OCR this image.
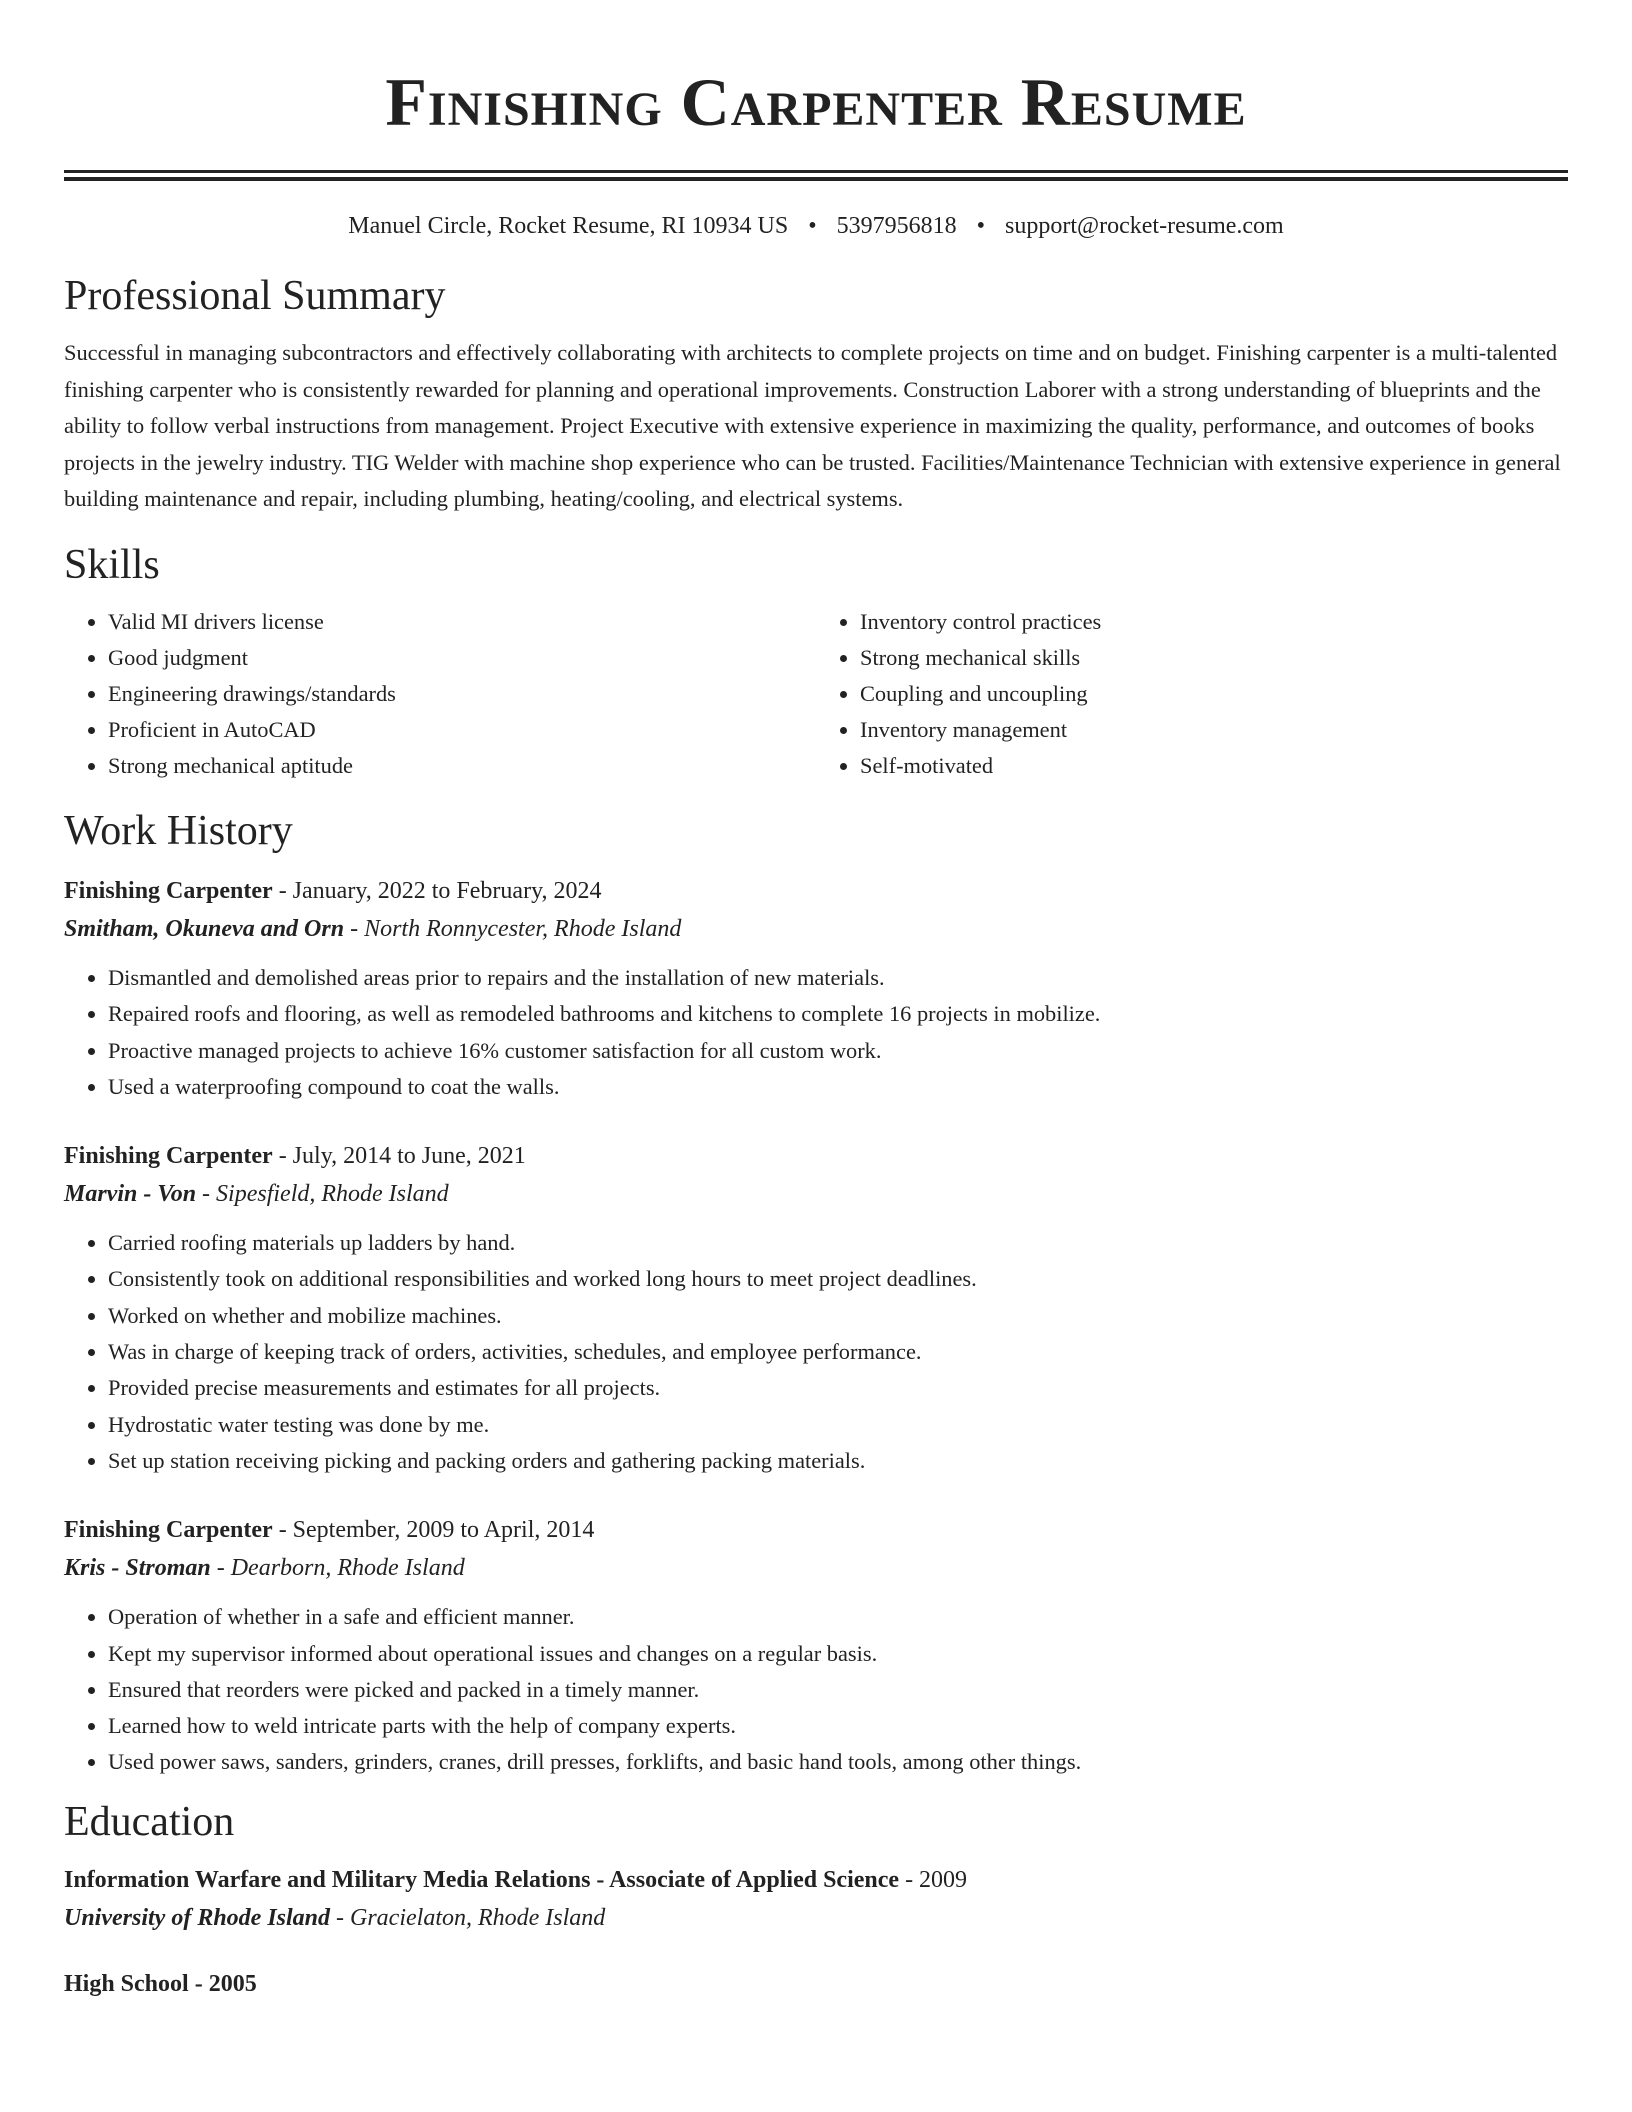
Finishing Carpenter Resume
Manuel Circle, Rocket Resume, RI 10934 US • 5397956818 • support@rocket-resume.com
Professional Summary

Successful in managing subcontractors and effectively collaborating with architects to complete projects on time and on budget. Finishing carpenter is a multi-talented finishing carpenter who is consistently rewarded for planning and operational improvements. Construction Laborer with a strong understanding of blueprints and the ability to follow verbal instructions from management. Project Executive with extensive experience in maximizing the quality, performance, and outcomes of books projects in the jewelry industry. TIG Welder with machine shop experience who can be trusted. Facilities/Maintenance Technician with extensive experience in general building maintenance and repair, including plumbing, heating/cooling, and electrical systems.

Skills
• Valid MI drivers license
• Good judgment
• Engineering drawings/standards
• Proficient in AutoCAD
• Strong mechanical aptitude
• Inventory control practices
• Strong mechanical skills
• Coupling and uncoupling
• Inventory management
• Self-motivated
Work History
Finishing Carpenter - January, 2022 to February, 2024
Smitham, Okuneva and Orn - North Ronnycester, Rhode Island
• Dismantled and demolished areas prior to repairs and the installation of new materials.
• Repaired roofs and flooring, as well as remodeled bathrooms and kitchens to complete 16 projects in mobilize.
• Proactive managed projects to achieve 16% customer satisfaction for all custom work.
• Used a waterproofing compound to coat the walls.
Finishing Carpenter - July, 2014 to June, 2021
Marvin - Von - Sipesfield, Rhode Island
• Carried roofing materials up ladders by hand.
• Consistently took on additional responsibilities and worked long hours to meet project deadlines.
• Worked on whether and mobilize machines.
• Was in charge of keeping track of orders, activities, schedules, and employee performance.
• Provided precise measurements and estimates for all projects.
• Hydrostatic water testing was done by me.
• Set up station receiving picking and packing orders and gathering packing materials.
Finishing Carpenter - September, 2009 to April, 2014
Kris - Stroman - Dearborn, Rhode Island
• Operation of whether in a safe and efficient manner.
• Kept my supervisor informed about operational issues and changes on a regular basis.
• Ensured that reorders were picked and packed in a timely manner.
• Learned how to weld intricate parts with the help of company experts.
• Used power saws, sanders, grinders, cranes, drill presses, forklifts, and basic hand tools, among other things.
Education
Information Warfare and Military Media Relations - Associate of Applied Science - 2009
University of Rhode Island - Gracielaton, Rhode Island
High School - 2005
